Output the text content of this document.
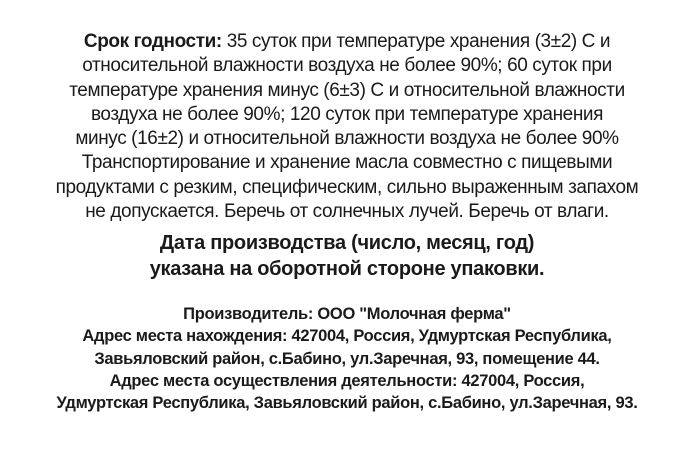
Срок годности: 35 суток при температуре хранения (3±2) С и
относительной влажности воздуха не более 90%; 60 суток при
температуре хранения минус (6±3) С и относительной влажности
воздуха не более 90%; 120 суток при температуре хранения
минус (16±2) и относительной влажности воздуха не более 90%
Транспортирование и хранение масла совместно с пищевыми
продуктами с резким, специфическим, сильно выраженным запахом
не допускается. Беречь от солнечных лучей. Беречь от влаги.
Дата производства (число, месяц, год)
указана на оборотной стороне упаковки.
Производитель: ООО "Молочная ферма"
Адрес места нахождения: 427004, Россия, Удмуртская Республика,
Завьяловский район, с.Бабино, ул.Заречная, 93, помещение 44.
Адрес места осуществления деятельности: 427004, Россия,
Удмуртская Республика, Завьяловский район, с.Бабино, ул.Заречная, 93.
